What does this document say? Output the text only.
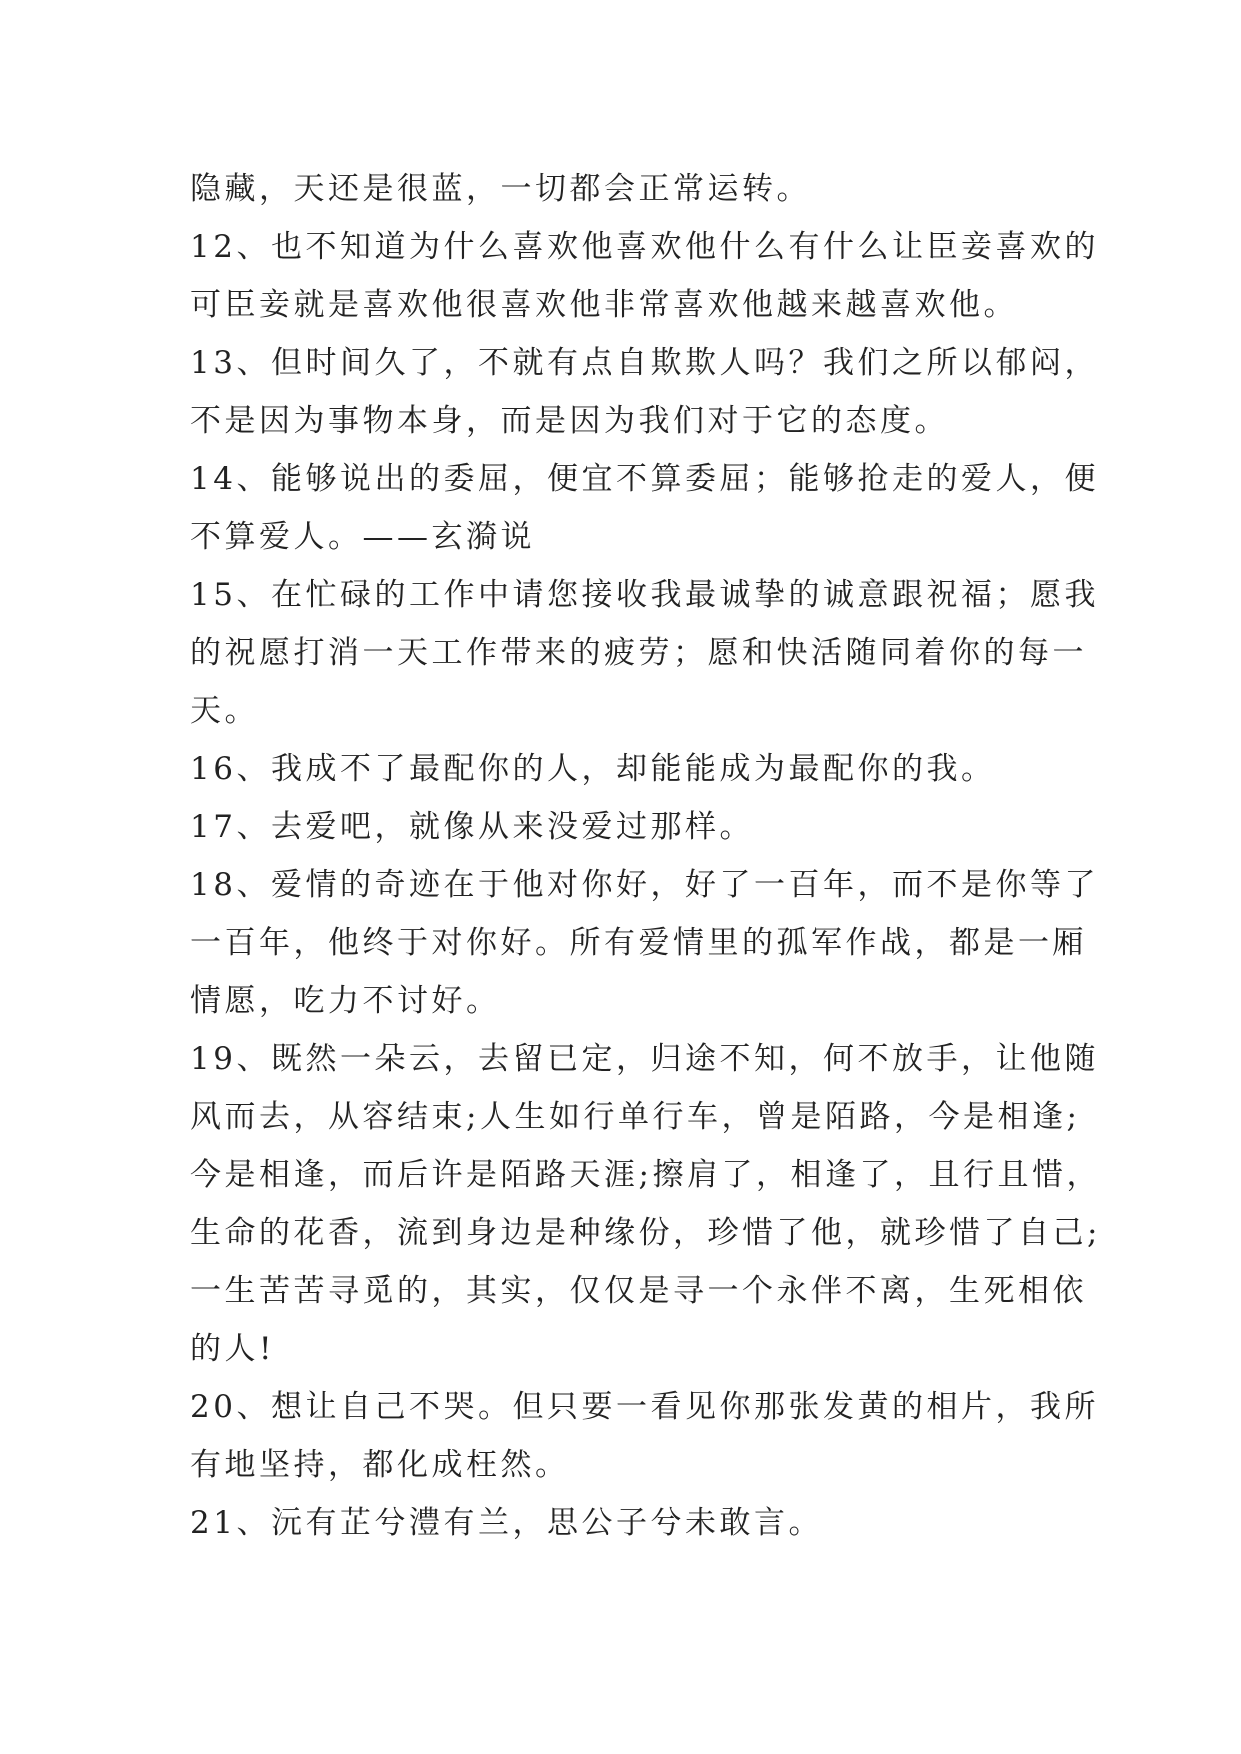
隐藏，天还是很蓝，一切都会正常运转。
12、也不知道为什么喜欢他喜欢他什么有什么让臣妾喜欢的
可臣妾就是喜欢他很喜欢他非常喜欢他越来越喜欢他。
13、但时间久了，不就有点自欺欺人吗？我们之所以郁闷，
不是因为事物本身，而是因为我们对于它的态度。
14、能够说出的委屈，便宜不算委屈；能够抢走的爱人，便
不算爱人。——玄漪说
15、在忙碌的工作中请您接收我最诚挚的诚意跟祝福；愿我
的祝愿打消一天工作带来的疲劳；愿和快活随同着你的每一
天。
16、我成不了最配你的人，却能能成为最配你的我。
17、去爱吧，就像从来没爱过那样。
18、爱情的奇迹在于他对你好，好了一百年，而不是你等了
一百年，他终于对你好。所有爱情里的孤军作战，都是一厢
情愿，吃力不讨好。
19、既然一朵云，去留已定，归途不知，何不放手，让他随
风而去，从容结束;人生如行单行车，曾是陌路，今是相逢;
今是相逢，而后许是陌路天涯;擦肩了，相逢了，且行且惜，
生命的花香，流到身边是种缘份，珍惜了他，就珍惜了自己;
一生苦苦寻觅的，其实，仅仅是寻一个永伴不离，生死相依
的人!
20、想让自己不哭。但只要一看见你那张发黄的相片，我所
有地坚持，都化成枉然。
21、沅有芷兮澧有兰，思公子兮未敢言。
